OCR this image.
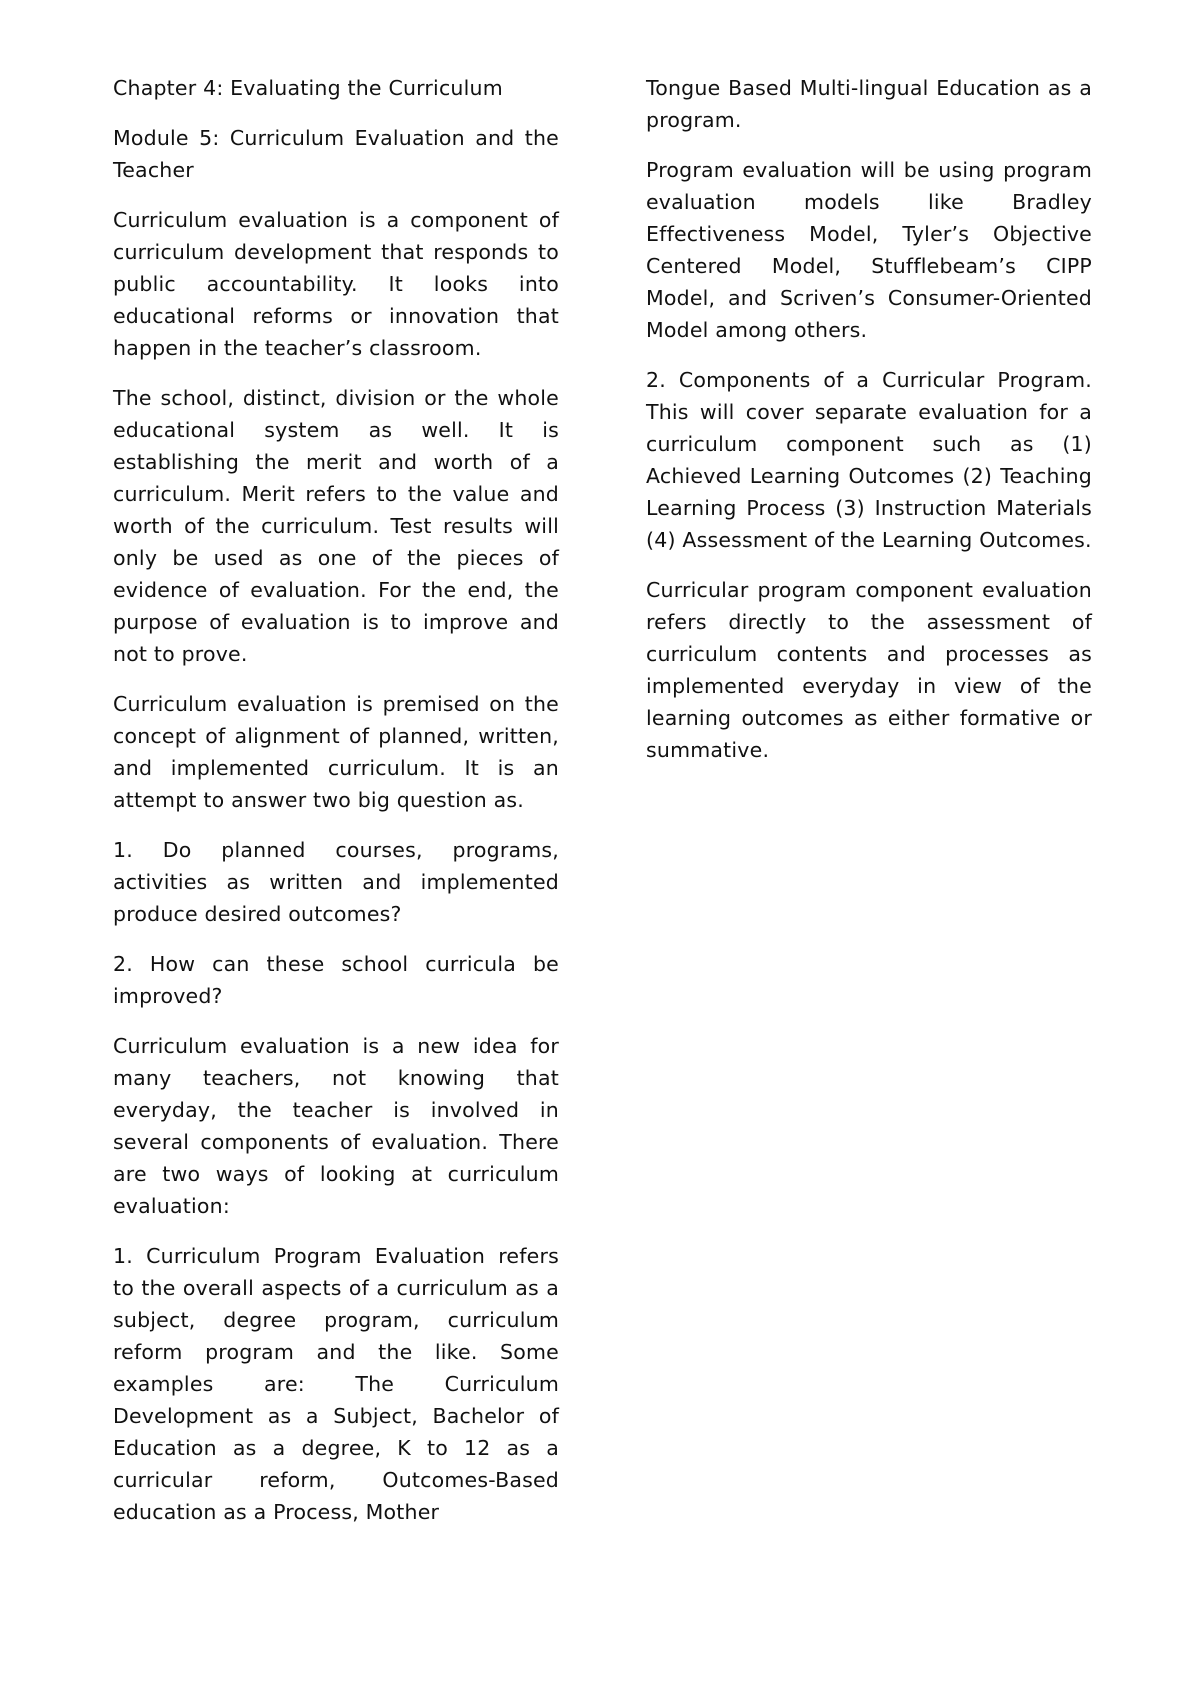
Chapter 4: Evaluating the Curriculum

Module 5: Curriculum Evaluation and the Teacher

Curriculum evaluation is a component of curriculum development that responds to public accountability. It looks into educational reforms or innovation that happen in the teacher’s classroom.

The school, distinct, division or the whole educational system as well. It is establishing the merit and worth of a curriculum. Merit refers to the value and worth of the curriculum. Test results will only be used as one of the pieces of evidence of evaluation. For the end, the purpose of evaluation is to improve and not to prove.

Curriculum evaluation is premised on the concept of alignment of planned, written, and implemented curriculum. It is an attempt to answer two big question as.

1. Do planned courses, programs, activities as written and implemented produce desired outcomes?

2. How can these school curricula be improved?

Curriculum evaluation is a new idea for many teachers, not knowing that everyday, the teacher is involved in several components of evaluation. There are two ways of looking at curriculum evaluation:

1. Curriculum Program Evaluation refers to the overall aspects of a curriculum as a subject, degree program, curriculum reform program and the like. Some examples are: The Curriculum Development as a Subject, Bachelor of Education as a degree, K to 12 as a curricular reform, Outcomes-Based education as a Process, Mother

Tongue Based Multi-lingual Education as a program.

Program evaluation will be using program evaluation models like Bradley Effectiveness Model, Tyler’s Objective Centered Model, Stufflebeam’s CIPP Model, and Scriven’s Consumer-Oriented Model among others.

2. Components of a Curricular Program. This will cover separate evaluation for a curriculum component such as (1) Achieved Learning Outcomes (2) Teaching Learning Process (3) Instruction Materials (4) Assessment of the Learning Outcomes.

Curricular program component evaluation refers directly to the assessment of curriculum contents and processes as implemented everyday in view of the learning outcomes as either formative or summative.
